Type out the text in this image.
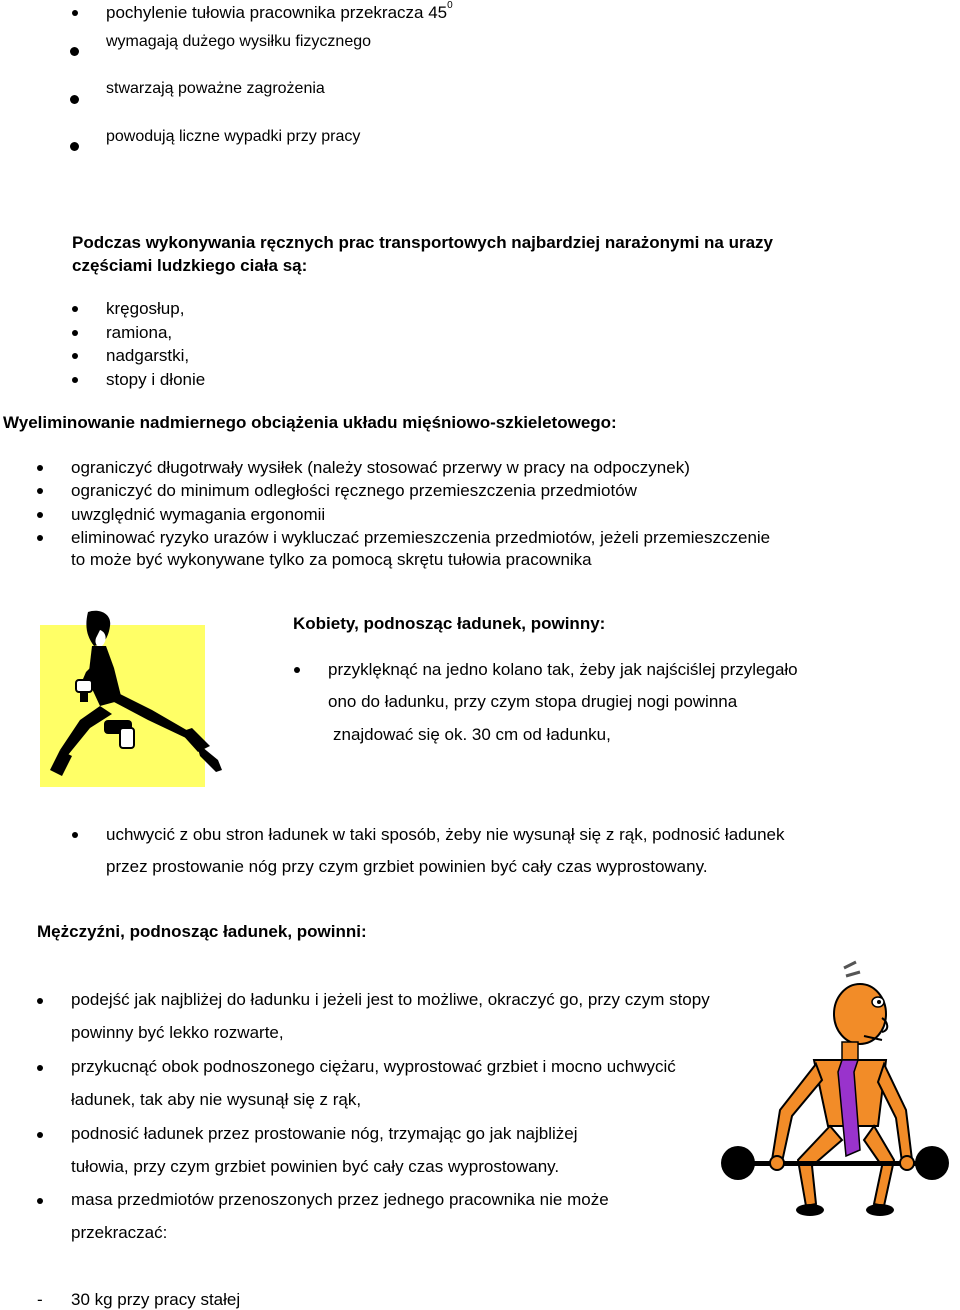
pochylenie tułowia pracownika przekracza $45^0$
wymagają dużego wysiłku fizycznego
stwarzają poważne zagrożenia
powodują liczne wypadki przy pracy
Podczas wykonywania ręcznych prac transportowych najbardziej narażonymi na urazy
częściami ludzkiego ciała są:
kręgosłup,
ramiona,
nadgarstki,
stopy i dłonie
Wyeliminowanie nadmiernego obciążenia układu mięśniowo-szkieletowego:
ograniczyć długotrwały wysiłek (należy stosować przerwy w pracy na odpoczynek)
ograniczyć do minimum odległości ręcznego przemieszczenia przedmiotów
uwzględnić wymagania ergonomii
eliminować ryzyko urazów i wykluczać przemieszczenia przedmiotów, jeżeli przemieszczenie
to może być wykonywane tylko za pomocą skrętu tułowia pracownika
Kobiety, podnosząc ładunek, powinny:
przyklęknąć na jedno kolano tak, żeby jak najściślej przylegało
ono do ładunku, przy czym stopa drugiej nogi powinna
znajdować się ok. 30 cm od ładunku,
uchwycić z obu stron ładunek w taki sposób, żeby nie wysunął się z rąk, podnosić ładunek
przez prostowanie nóg przy czym grzbiet powinien być cały czas wyprostowany.
Mężczyźni, podnosząc ładunek, powinni:
podejść jak najbliżej do ładunku i jeżeli jest to możliwe, okraczyć go, przy czym stopy
powinny być lekko rozwarte,
przykucnąć obok podnoszonego ciężaru, wyprostować grzbiet i mocno uchwycić
ładunek, tak aby nie wysunął się z rąk,
podnosić ładunek przez prostowanie nóg, trzymając go jak najbliżej
tułowia, przy czym grzbiet powinien być cały czas wyprostowany.
masa przedmiotów przenoszonych przez jednego pracownika nie może
przekraczać:
- 30 kg przy pracy stałej
